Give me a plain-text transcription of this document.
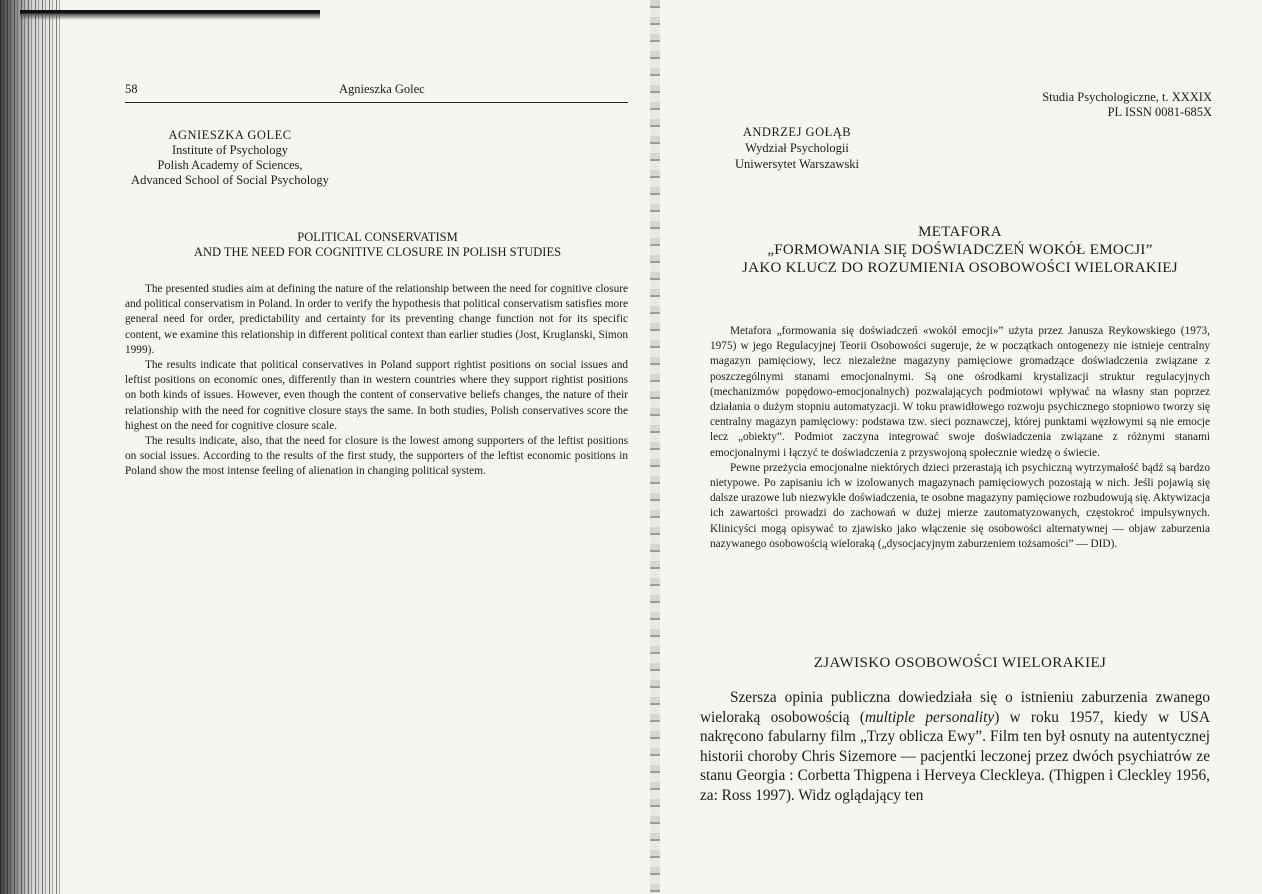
58	Agnieszka Golec
AGNIESZKA GOLEC
Institute of Psychology
Polish Academy of Sciences,
Advanced School of Social Psychology
POLITICAL CONSERVATISM
AND THE NEED FOR COGNITIVE CLOSURE IN POLISH STUDIES

The presented studies aim at defining the nature of the relationship between the need for cognitive closure and political conservatism in Poland. In order to verify the hypothesis that political conservatism satisfies more general need for order, predictability and certainty for its preventing change function not for its specific content, we examine this relationship in different political context than earlier studies (Jost, Kruglanski, Simon 1999).

The results indicate that political conservatives in Poland support rightist positions on social issues and leftist positions on economic ones, differently than in western countries where they support rightist positions on both kinds of issues. However, even though the content of conservative beliefs changes, the nature of their relationship with the need for cognitive closure stays the same. In both studies, Polish conservatives score the highest on the need for cognitive closure scale.

The results indicate, also, that the need for closure is the lowest among supporters of the leftist positions on social issues. According to the results of the first study, the supporters of the leftist economic positions in Poland show the most intense feeling of alienation in changing political system.

Studia Psychologiczne, t. XXXIX
PL ISSN 0081-685X
ANDRZEJ GOŁĄB
Wydział Psychologii
Uniwersytet Warszawski
METAFORA
„FORMOWANIA SIĘ DOŚWIADCZEŃ WOKÓŁ EMOCJI”
JAKO KLUCZ DO ROZUMIENIA OSOBOWOŚCI WIELORAKIEJ

Metafora „formowania się doświadczeń «wokół emocji»” użyta przez Janusza Reykowskiego (1973, 1975) w jego Regulacyjnej Teorii Osobowości sugeruje, że w początkach ontogenezy nie istnieje centralny magazyn pamięciowy, lecz niezależne magazyny pamięciowe gromadzące doświadczenia związane z poszczególnymi stanami emocjonalnymi. Są one ośrodkami krystalizacji struktur regulacyjnych (mechanizmów popędowo-emocjonalnych) pozwalających podmiotowi wpływać na własny stan poprzez działania o dużym stopniu automatyzacji. W toku prawidłowego rozwoju psychicznego stopniowo tworzy się centralny magazyn pamięciowy: podstawa tzw. sieci poznawczej, której punktami węzłowymi są nie emocje lecz „obiekty”. Podmiot zaczyna integrować swoje doświadczenia związane z różnymi stanami emocjonalnymi i łączyć te doświadczenia z przyswojoną społecznie wiedzę o świecie.

Pewne przeżycia emocjonalne niektórych dzieci przerastają ich psychiczną wytrzymałość bądź są bardzo nietypowe. Po zapisaniu ich w izolowanych magazynach pamięciowych pozostają w nich. Jeśli pojawią się dalsze urazowe lub niezwykłe doświadczenia, te osobne magazyny pamięciowe rozbudowują się. Aktywizacja ich zawartości prowadzi do zachowań w dużej mierze zautomatyzowanych, częstokroć impulsywnych. Klinicyści mogą opisywać to zjawisko jako włączenie się osobowości alternatywnej — objaw zaburzenia nazywanego osobowością wieloraką („dysocjacyjnym zaburzeniem tożsamości” — DID).

ZJAWISKO OSOBOWOŚCI WIELORAKIEJ

Szersza opinia publiczna dowiedziała się o istnieniu zaburzenia zwanego wieloraką osobowością (multiple personality) w roku 1957, kiedy w USA nakręcono fabularny film „Trzy oblicza Ewy”. Film ten był osnuty na autentycznej historii choroby Chris Sizemore — pacjentki leczonej przez dwóch psychiatrów ze stanu Georgia : Corbetta Thigpena i Herveya Cleckleya. (Thigpen i Cleckley 1956, za: Ross 1997). Widz oglądający ten
